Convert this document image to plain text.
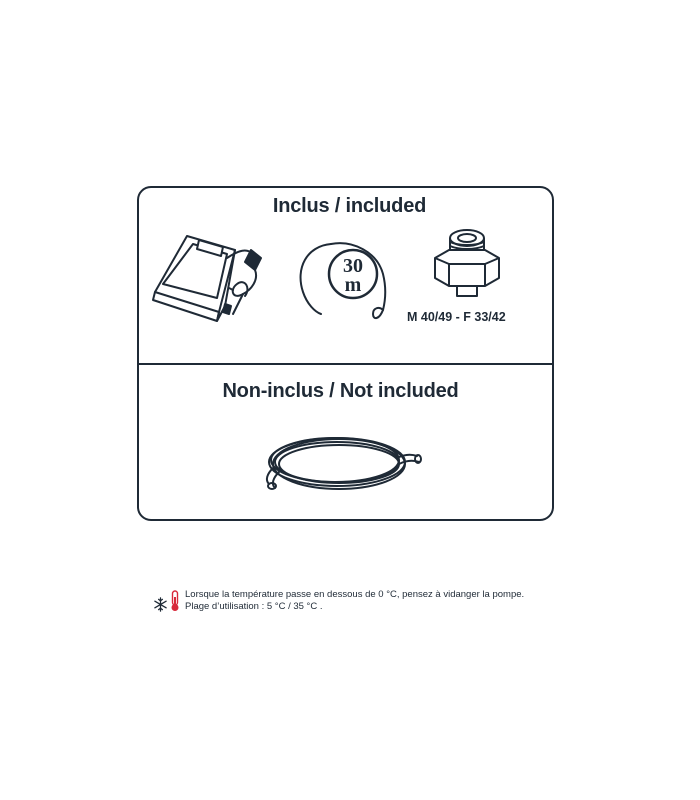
Inclus / included
30
m
M 40/49 - F 33/42
Non-inclus / Not included
Lorsque la température passe en dessous de 0 °C, pensez à vidanger la pompe.
Plage d’utilisation : 5 °C / 35 °C .
